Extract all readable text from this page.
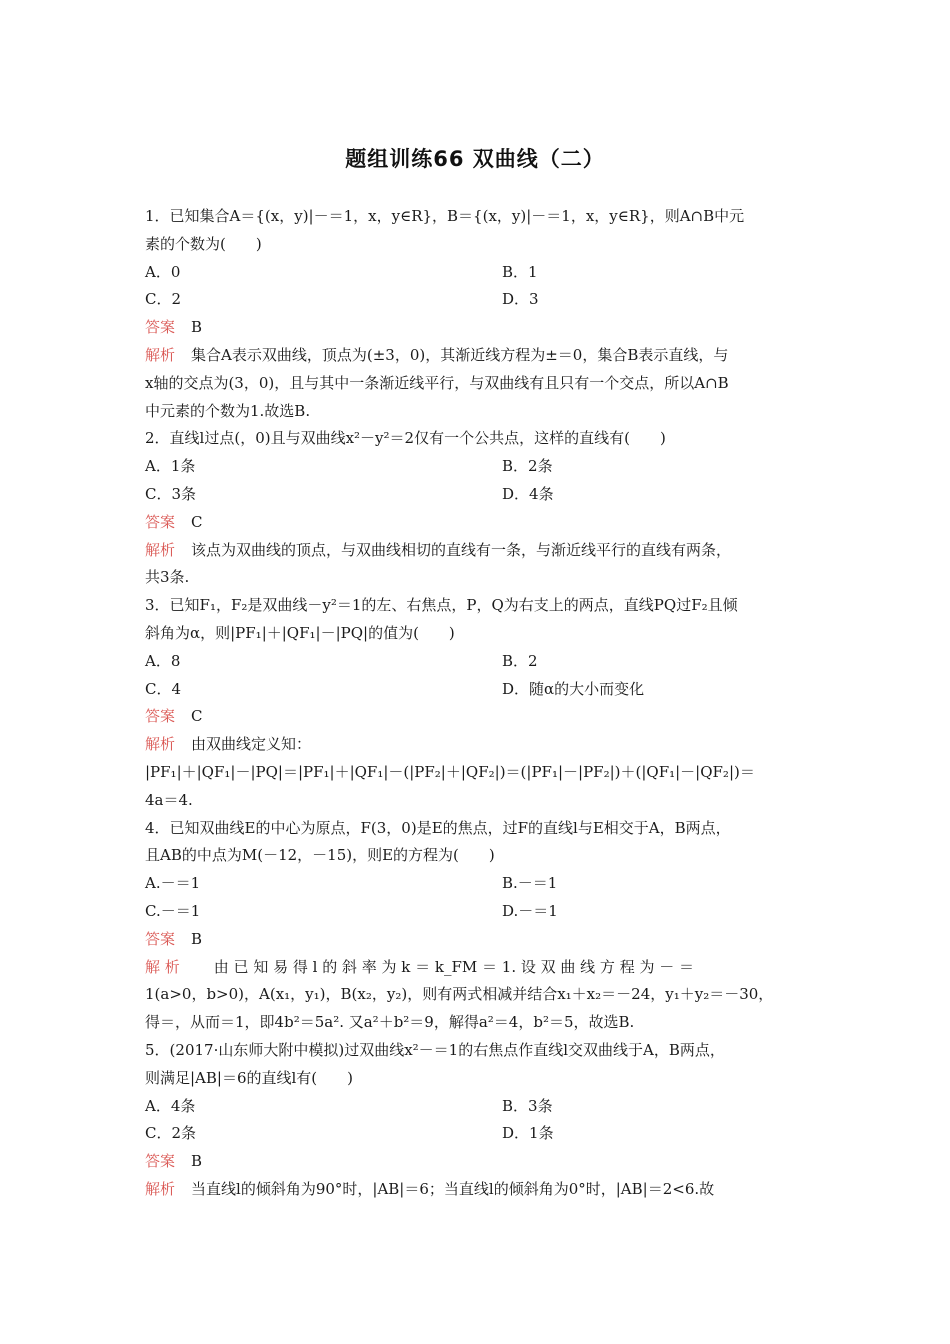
题组训练66 双曲线（二）
1．已知集合A＝{(x，y)|－＝1，x，y∈R}，B＝{(x，y)|－＝1，x，y∈R}，则A∩B中元
素的个数为(　　)
A．0	B．1
C．2	D．3
答案 B
解析 集合A表示双曲线，顶点为(±3，0)，其渐近线方程为±＝0，集合B表示直线，与
x轴的交点为(3，0)，且与其中一条渐近线平行，与双曲线有且只有一个交点，所以A∩B
中元素的个数为1.故选B.
2．直线l过点(，0)且与双曲线x²－y²＝2仅有一个公共点，这样的直线有(　　)
A．1条	B．2条
C．3条	D．4条
答案 C
解析 该点为双曲线的顶点，与双曲线相切的直线有一条，与渐近线平行的直线有两条，
共3条.
3．已知F₁，F₂是双曲线－y²＝1的左、右焦点，P，Q为右支上的两点，直线PQ过F₂且倾
斜角为α，则|PF₁|＋|QF₁|－|PQ|的值为(　　)
A．8	B．2
C．4	D．随α的大小而变化
答案 C
解析 由双曲线定义知：
|PF₁|＋|QF₁|－|PQ|＝|PF₁|＋|QF₁|－(|PF₂|＋|QF₂|)＝(|PF₁|－|PF₂|)＋(|QF₁|－|QF₂|)＝
4a＝4.
4．已知双曲线E的中心为原点，F(3，0)是E的焦点，过F的直线l与E相交于A，B两点，
且AB的中点为M(－12，－15)，则E的方程为(　　)
A.－＝1	B.－＝1
C.－＝1	D.－＝1
答案 B
解 析 由 已 知 易 得 l 的 斜 率 为 k ＝ k_FM ＝ 1. 设 双 曲 线 方 程 为 － ＝
1(a>0，b>0)，A(x₁，y₁)，B(x₂，y₂)，则有两式相减并结合x₁＋x₂＝－24，y₁＋y₂＝－30，
得＝，从而＝1，即4b²＝5a². 又a²＋b²＝9，解得a²＝4，b²＝5，故选B.
5．(2017·山东师大附中模拟)过双曲线x²－＝1的右焦点作直线l交双曲线于A，B两点，
则满足|AB|＝6的直线l有(　　)
A．4条	B．3条
C．2条	D．1条
答案 B
解析 当直线l的倾斜角为90°时，|AB|＝6；当直线l的倾斜角为0°时，|AB|＝2<6.故
